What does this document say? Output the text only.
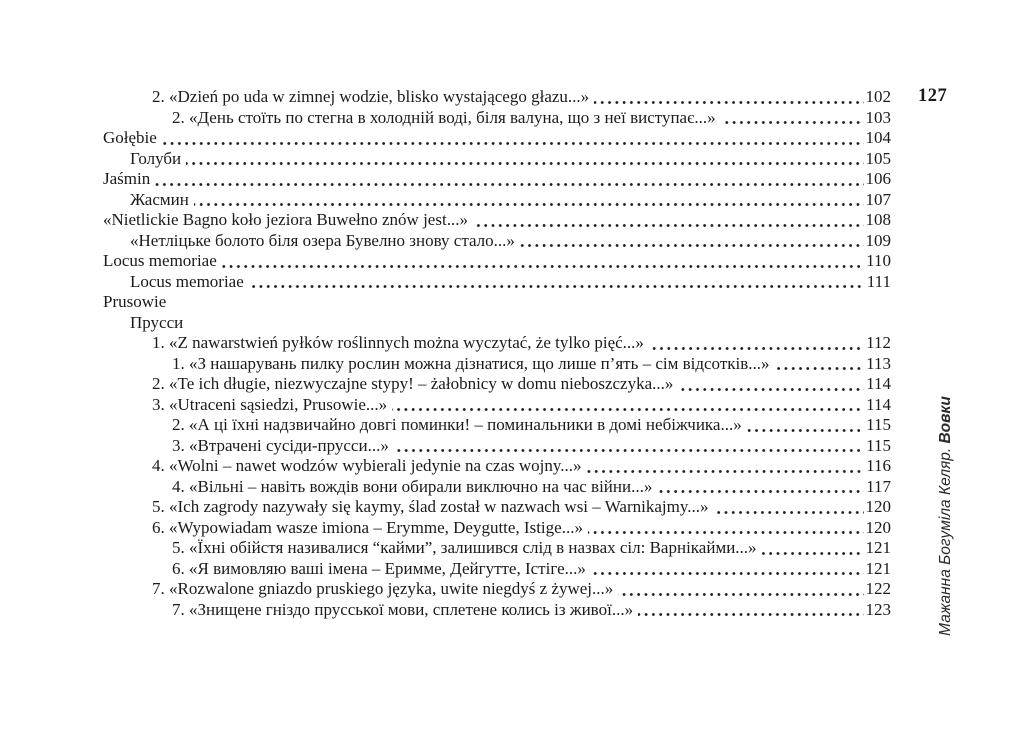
127
2. «Dzień po uda w zimnej wodzie, blisko wystającego głazu...»	102
2. «День стоїть по стегна в холодній воді, біля валуна, що з неї виступає...»	103
Gołębie	104
Голуби	105
Jaśmin	106
Жасмин	107
«Nietlickie Bagno koło jeziora Buwełno znów jest...»	108
«Нетліцьке болото біля озера Бувелно знову стало...»	109
Locus memoriae	110
Locus memoriae	111
Prusowie
Прусси
1. «Z nawarstwień pyłków roślinnych można wyczytać, że tylko pięć...»	112
1. «З нашарувань пилку рослин можна дізнатися, що лише п’ять – сім відсотків...»	113
2. «Te ich długie, niezwyczajne stypy! – żałobnicy w domu nieboszczyka...»	114
3. «Utraceni sąsiedzi, Prusowie...»	114
2. «А ці їхні надзвичайно довгі поминки! – поминальники в домі небіжчика...»	115
3. «Втрачені сусіди-прусси...»	115
4. «Wolni – nawet wodzów wybierali jedynie na czas wojny...»	116
4. «Вільні – навіть вождів вони обирали виключно на час війни...»	117
5. «Ich zagrody nazywały się kaymy, ślad został w nazwach wsi – Warnikajmy...»	120
6. «Wypowiadam wasze imiona – Erymme, Deygutte, Istige...»	120
5. «Їхні обійстя називалися “кайми”, залишився слід в назвах сіл: Варнікайми...»	121
6. «Я вимовляю ваші імена – Еримме, Дейгутте, Істіге...»	121
7. «Rozwalone gniazdo pruskiego języka, uwite niegdyś z żywej...»	122
7. «Знищене гніздо прусської мови, сплетене колись із живої...»	123	Мажанна Богуміла Келяр. Вовки
